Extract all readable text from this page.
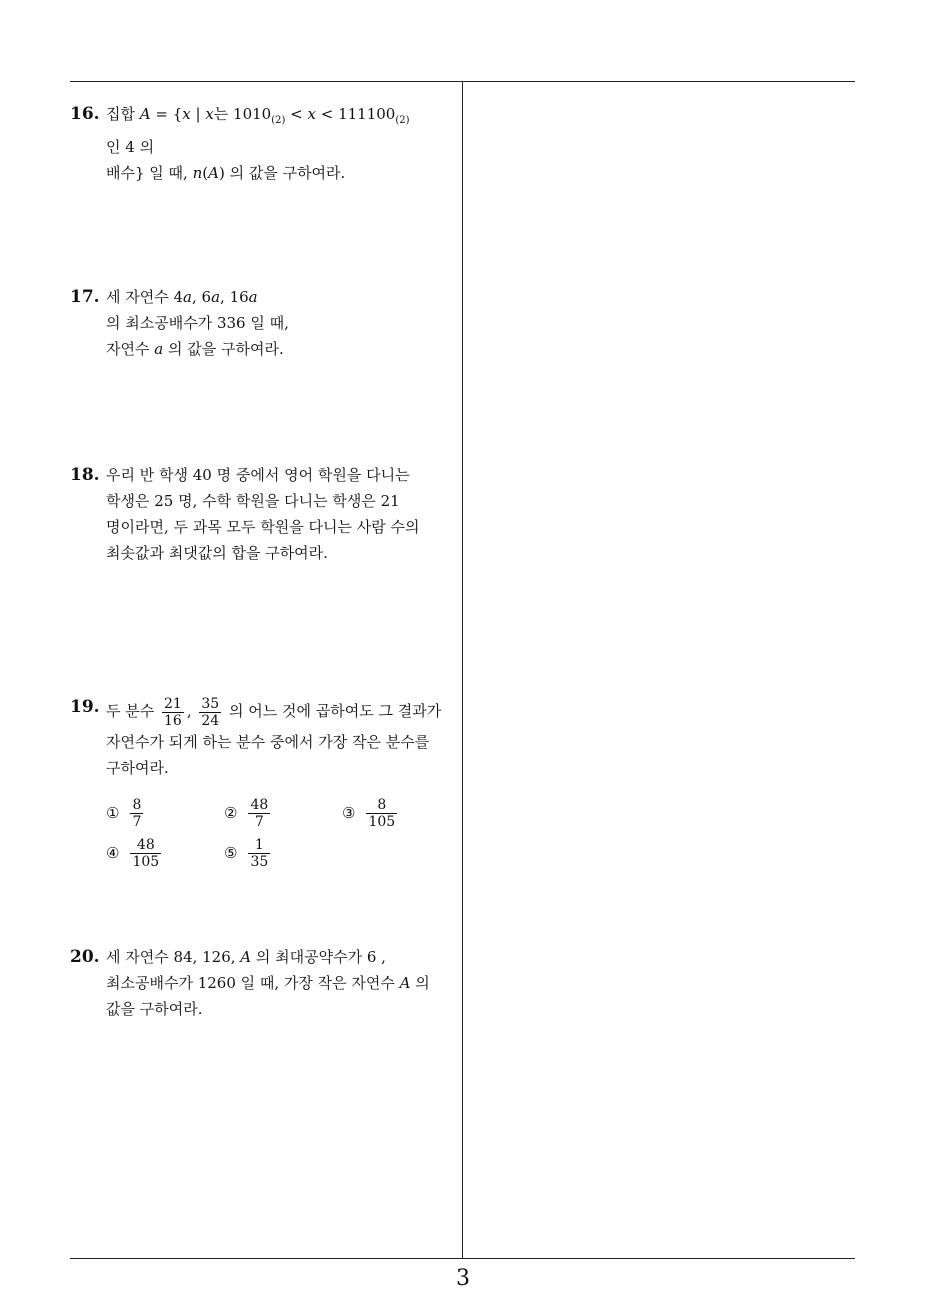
16. 집합 A = {x | x는 $1010_{(2)} < x < 111100_{(2)}$ 인 4 의
배수} 일 때, n(A) 의 값을 구하여라.
17. 세 자연수 4a, 6a, 16a 의 최소공배수가 336 일 때,
자연수 a 의 값을 구하여라.
18. 우리 반 학생 40 명 중에서 영어 학원을 다니는
학생은 25 명, 수학 학원을 다니는 학생은 21
명이라면, 두 과목 모두 학원을 다니는 사람 수의
최솟값과 최댓값의 합을 구하여라.
19. 두 분수 $\frac{21}{16}$ , $\frac{35}{24}$ 의 어느 것에 곱하여도 그 결과가
자연수가 되게 하는 분수 중에서 가장 작은 분수를
구하여라.
① $\frac{8}{7}$	② $\frac{48}{7}$	③ $\frac{8}{105}$
④ $\frac{48}{105}$	⑤ $\frac{1}{35}$
20. 세 자연수 84, 126, A 의 최대공약수가 6 ,
최소공배수가 1260 일 때, 가장 작은 자연수 A 의
값을 구하여라.
3
